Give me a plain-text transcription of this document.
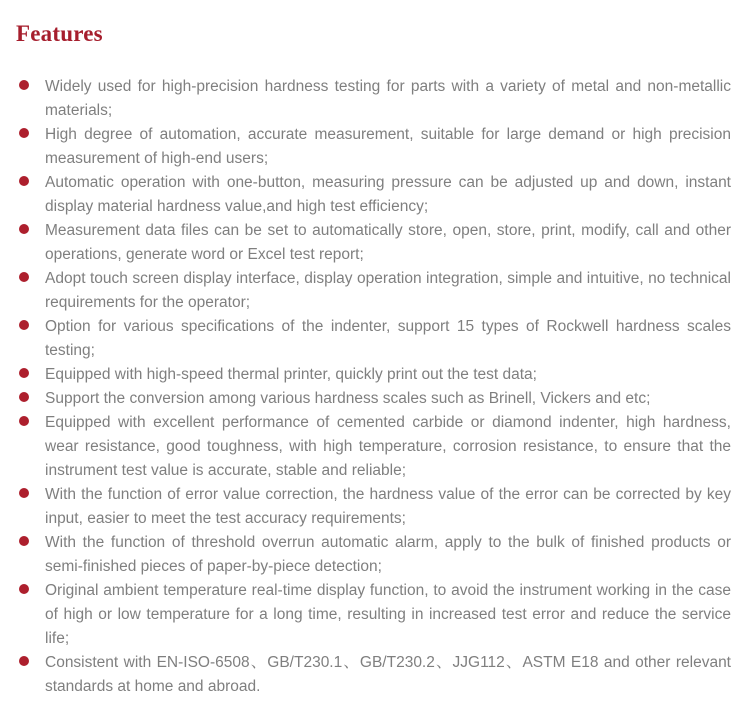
Features
Widely used for high-precision hardness testing for parts with a variety of metal and non-metallic materials;
High degree of automation, accurate measurement, suitable for large demand or high precision measurement of high-end users;
Automatic operation with one-button, measuring pressure can be adjusted up and down, instant display material hardness value,and high test efficiency;
Measurement data files can be set to automatically store, open, store, print, modify, call and other operations, generate word or Excel test report;
Adopt touch screen display interface, display operation integration, simple and intuitive, no technical requirements for the operator;
Option for various specifications of the indenter, support 15 types of Rockwell hardness scales testing;
Equipped with high-speed thermal printer, quickly print out the test data;
Support the conversion among various hardness scales such as Brinell, Vickers and etc;
Equipped with excellent performance of cemented carbide or diamond indenter, high hardness, wear resistance, good toughness, with high temperature, corrosion resistance, to ensure that the instrument test value is accurate, stable and reliable;
With the function of error value correction, the hardness value of the error can be corrected by key input, easier to meet the test accuracy requirements;
With the function of threshold overrun automatic alarm, apply to the bulk of finished products or semi-finished pieces of paper-by-piece detection;
Original ambient temperature real-time display function, to avoid the instrument working in the case of high or low temperature for a long time, resulting in increased test error and reduce the service life;
Consistent with EN-ISO-6508、GB/T230.1、GB/T230.2、JJG112、ASTM E18 and other relevant standards at home and abroad.
